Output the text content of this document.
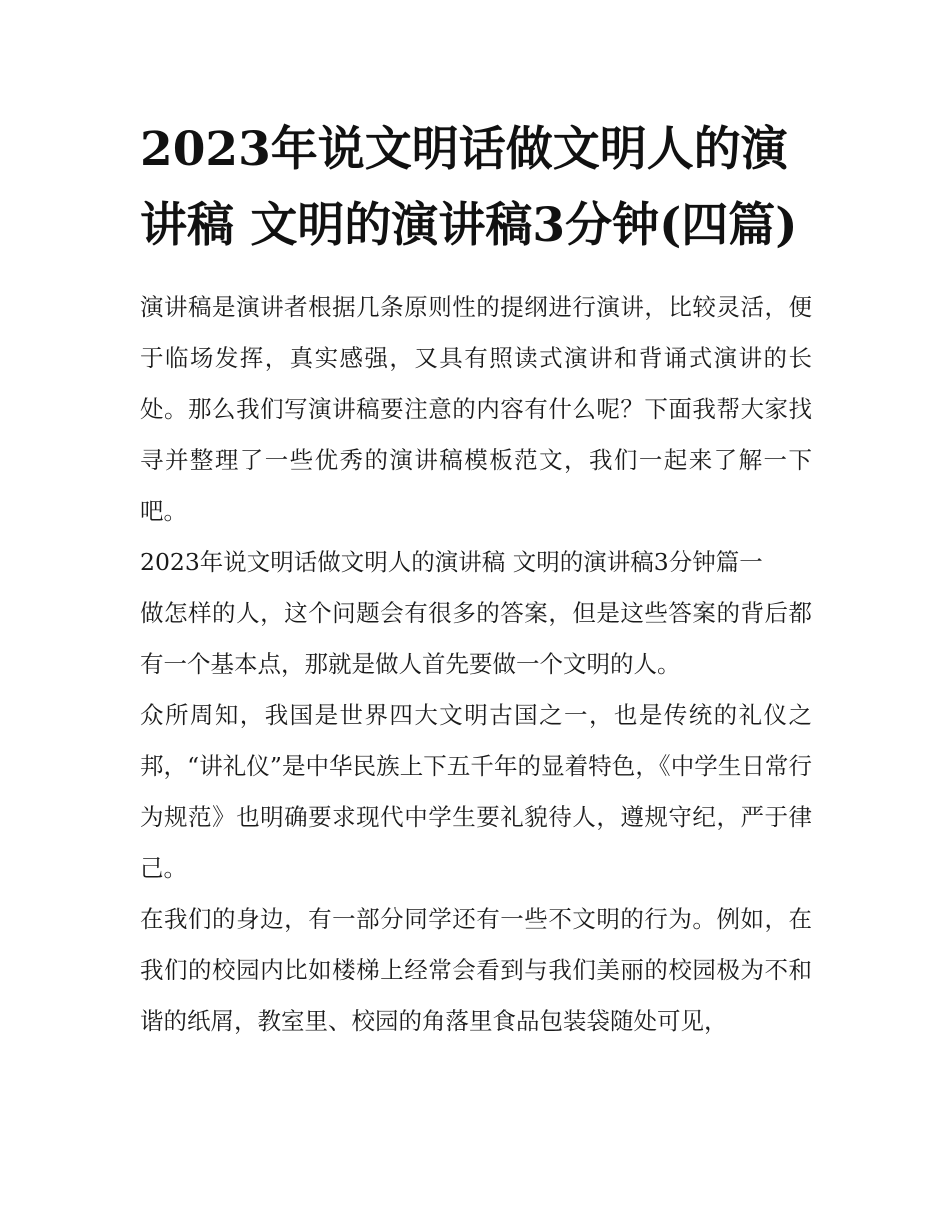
2023年说文明话做文明人的演讲稿 文明的演讲稿3分钟(四篇)

演讲稿是演讲者根据几条原则性的提纲进行演讲，比较灵活，便于临场发挥，真实感强，又具有照读式演讲和背诵式演讲的长处。那么我们写演讲稿要注意的内容有什么呢？下面我帮大家找寻并整理了一些优秀的演讲稿模板范文，我们一起来了解一下吧。

2023年说文明话做文明人的演讲稿 文明的演讲稿3分钟篇一

做怎样的人，这个问题会有很多的答案，但是这些答案的背后都有一个基本点，那就是做人首先要做一个文明的人。

众所周知，我国是世界四大文明古国之一，也是传统的礼仪之邦，“讲礼仪”是中华民族上下五千年的显着特色，《中学生日常行为规范》也明确要求现代中学生要礼貌待人，遵规守纪，严于律己。

在我们的身边，有一部分同学还有一些不文明的行为。例如，在我们的校园内比如楼梯上经常会看到与我们美丽的校园极为不和谐的纸屑，教室里、校园的角落里食品包装袋随处可见，
